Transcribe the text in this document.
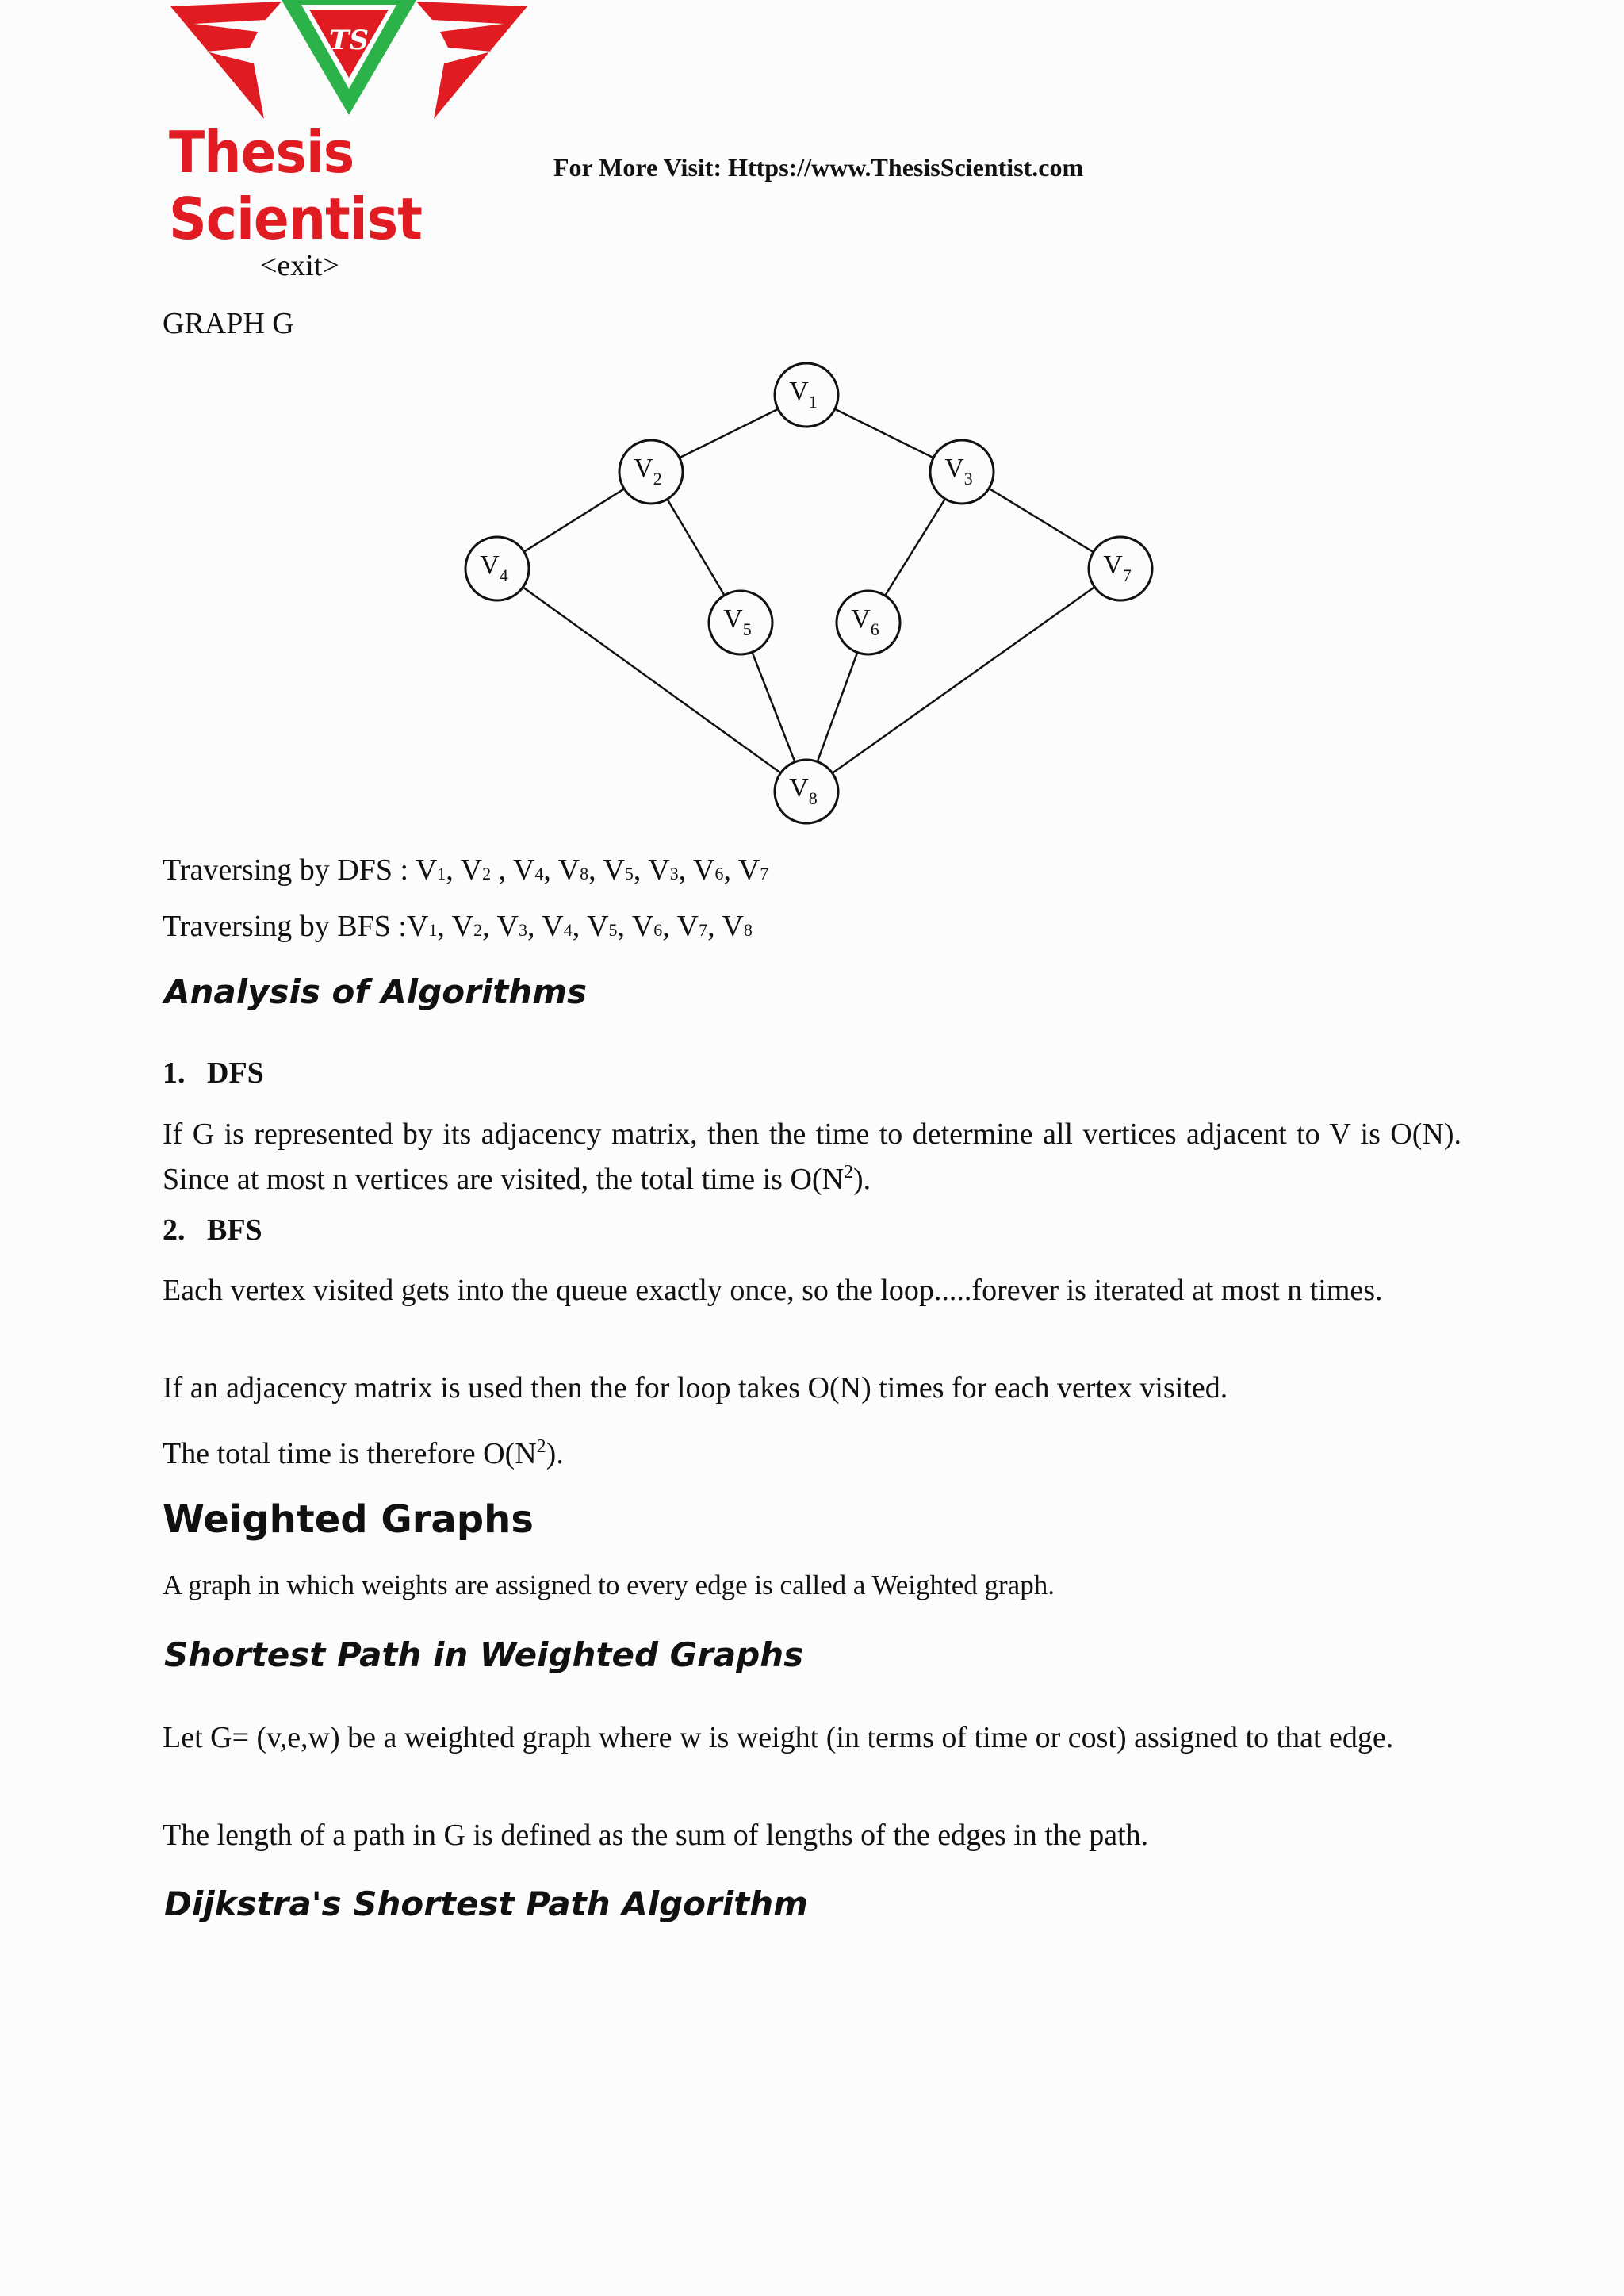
TS
Thesis Scientist
For More Visit: Https://www.ThesisScientist.com
<exit>
GRAPH G
$V_1$
$V_2$	$V_3$
$V_4$
$V_5$	$V_6$
$V_7$
$V_8$
Traversing by DFS : V1, V2 , V4, V8, V5, V3, V6, V7
Traversing by BFS :V1, V2, V3, V4, V5, V6, V7, V8
Analysis of Algorithms
1. DFS
If G is represented by its adjacency matrix, then the time to determine all vertices adjacent to V is O(N). Since at most n vertices are visited, the total time is $O(N^2)$.
2. BFS
Each vertex visited gets into the queue exactly once, so the loop.....forever is iterated at most n times.
If an adjacency matrix is used then the for loop takes O(N) times for each vertex visited.
The total time is therefore $O(N^2)$.
Weighted Graphs
A graph in which weights are assigned to every edge is called a Weighted graph.
Shortest Path in Weighted Graphs
Let G= (v,e,w) be a weighted graph where w is weight (in terms of time or cost) assigned to that edge.
The length of a path in G is defined as the sum of lengths of the edges in the path.
Dijkstra's Shortest Path Algorithm
